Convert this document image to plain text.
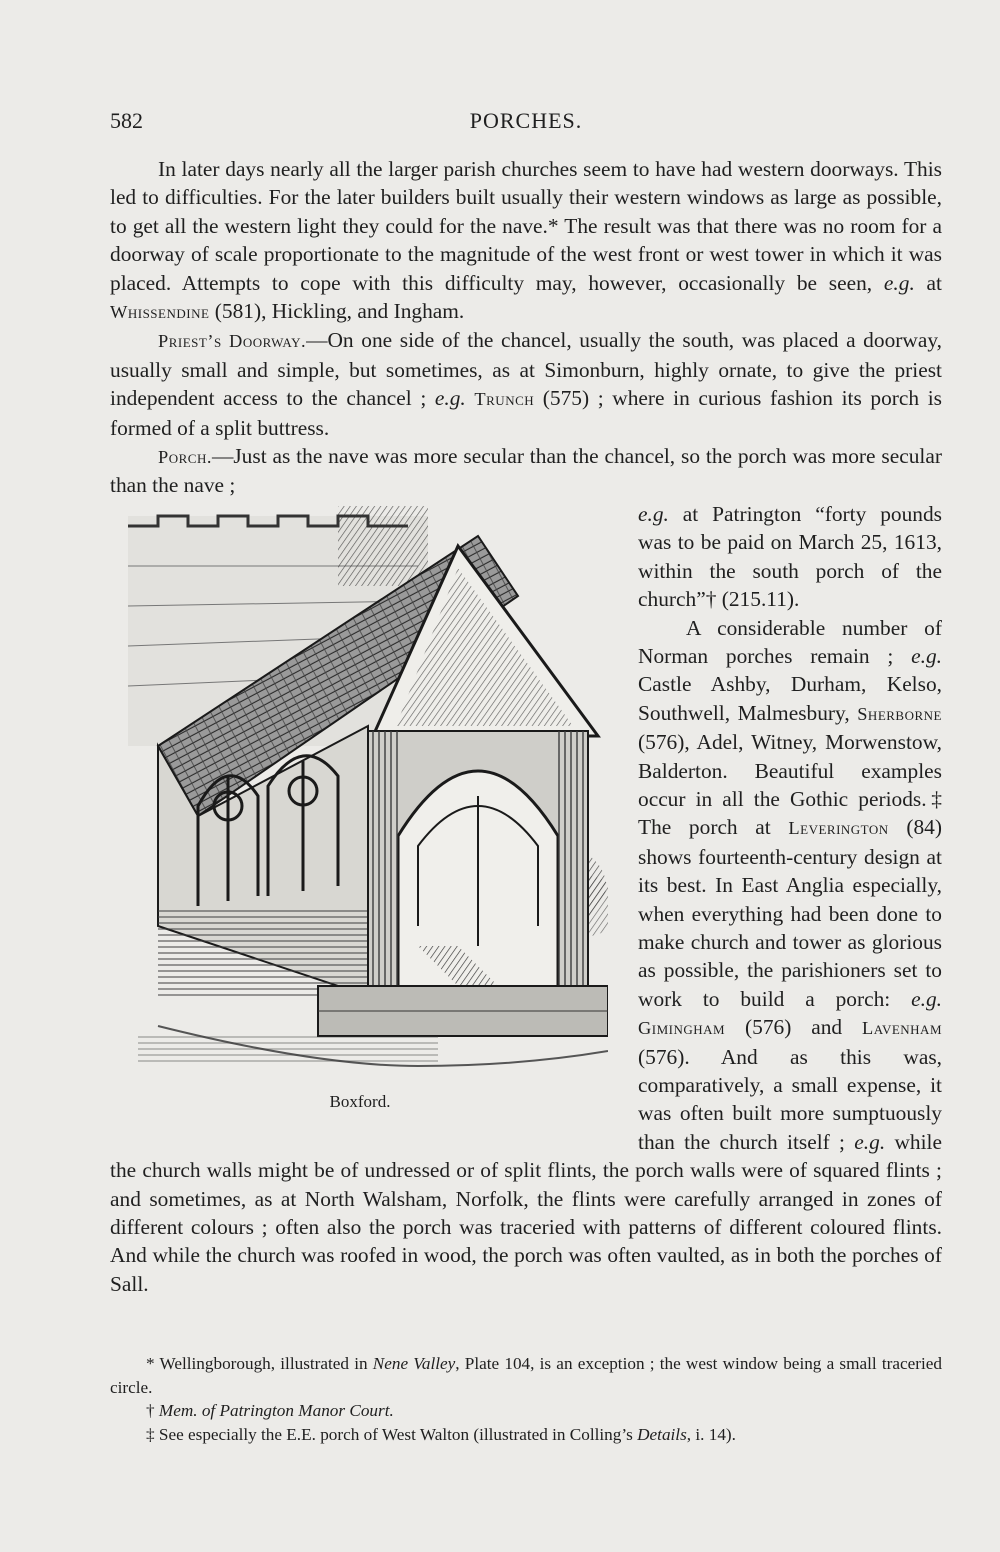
582	PORCHES.

In later days nearly all the larger parish churches seem to have had western doorways. This led to difficulties. For the later builders built usually their western windows as large as possible, to get all the western light they could for the nave.* The result was that there was no room for a doorway of scale proportionate to the magnitude of the west front or west tower in which it was placed. Attempts to cope with this difficulty may, however, occasionally be seen, e.g. at Whissendine (581), Hickling, and Ingham.

Priest’s Doorway.—On one side of the chancel, usually the south, was placed a doorway, usually small and simple, but sometimes, as at Simonburn, highly ornate, to give the priest independent access to the chancel ; e.g. Trunch (575) ; where in curious fashion its porch is formed of a split buttress.

Porch.—Just as the nave was more secular than the chancel, so the porch was more secular than the nave ;

Boxford.

e.g. at Patrington “forty pounds was to be paid on March 25, 1613, within the south porch of the church”† (215.11).

A considerable number of Norman porches remain ; e.g. Castle Ashby, Durham, Kelso, Southwell, Malmesbury, Sherborne (576), Adel, Witney, Morwenstow, Balderton. Beautiful examples occur in all the Gothic periods.‡ The porch at Leverington (84) shows fourteenth-century design at its best. In East Anglia especially, when everything had been done to make church and tower as glorious as possible, the parishioners set to work to build a porch: e.g. Gimingham (576) and Lavenham (576). And as this was, comparatively, a small expense, it was often built more sumptuously than the church itself ; e.g. while the church walls might be of undressed or of split flints, the porch walls were of squared flints ; and sometimes, as at North Walsham, Norfolk, the flints were carefully arranged in zones of different colours ; often also the porch was traceried with patterns of different coloured flints. And while the church was roofed in wood, the porch was often vaulted, as in both the porches of Sall.

* Wellingborough, illustrated in Nene Valley, Plate 104, is an exception ; the west window being a small traceried circle.

† Mem. of Patrington Manor Court.

‡ See especially the E.E. porch of West Walton (illustrated in Colling’s Details, i. 14).
